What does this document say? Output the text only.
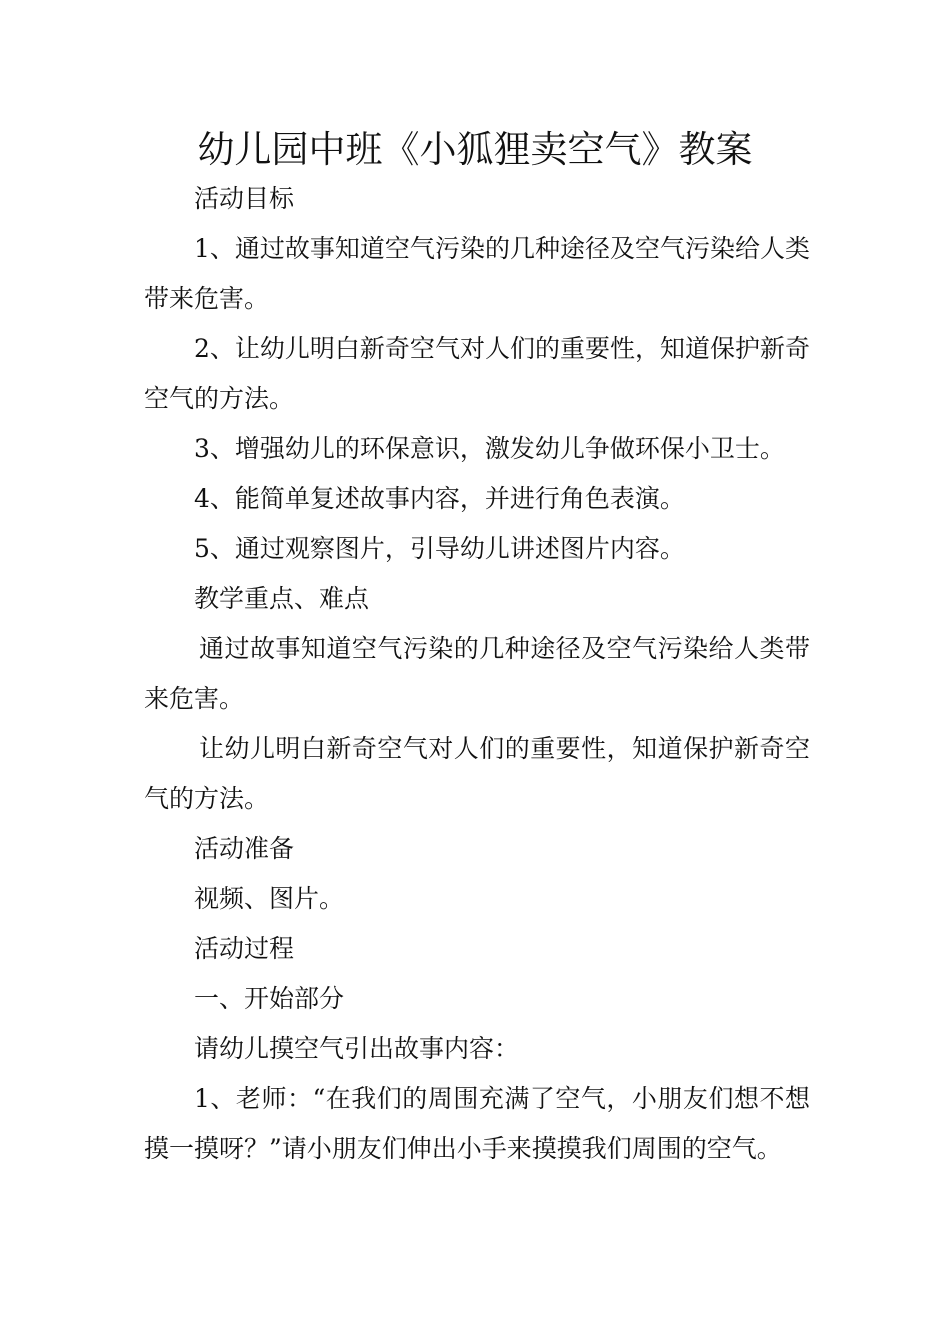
幼儿园中班《小狐狸卖空气》教案

活动目标

1、通过故事知道空气污染的几种途径及空气污染给人类带来危害。

2、让幼儿明白新奇空气对人们的重要性，知道保护新奇空气的方法。

3、增强幼儿的环保意识，激发幼儿争做环保小卫士。

4、能简单复述故事内容，并进行角色表演。

5、通过观察图片，引导幼儿讲述图片内容。

教学重点、难点

通过故事知道空气污染的几种途径及空气污染给人类带来危害。

让幼儿明白新奇空气对人们的重要性，知道保护新奇空气的方法。

活动准备

视频、图片。

活动过程

一、开始部分

请幼儿摸空气引出故事内容：

1、老师：“在我们的周围充满了空气，小朋友们想不想摸一摸呀？”请小朋友们伸出小手来摸摸我们周围的空气。
